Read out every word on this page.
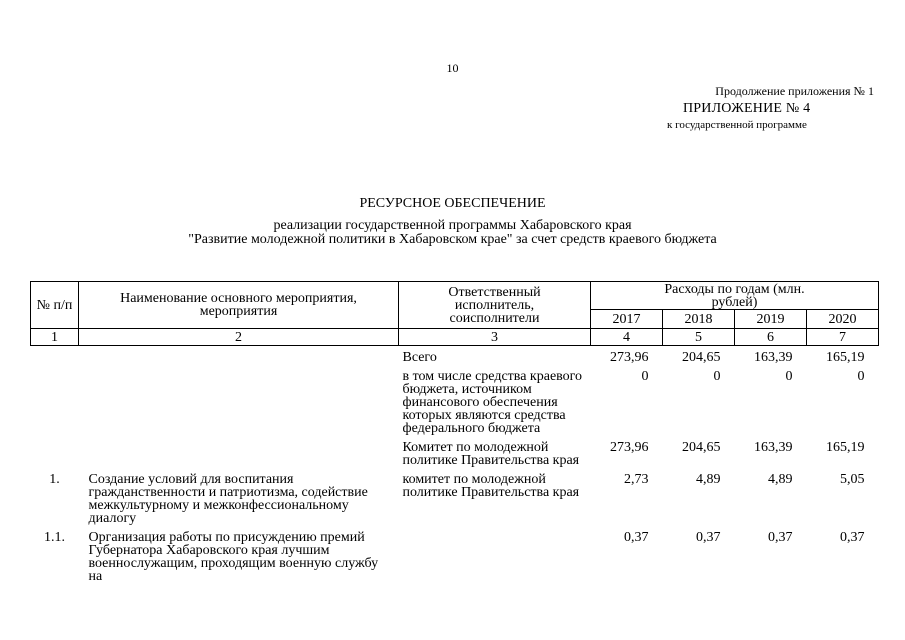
10
Продолжение приложения № 1
ПРИЛОЖЕНИЕ № 4
к государственной программе
РЕСУРСНОЕ ОБЕСПЕЧЕНИЕ
реализации государственной программы Хабаровского края
"Развитие молодежной политики в Хабаровском крае" за счет средств краевого бюджета
№ п/п	Наименование основного мероприятия, мероприятия	Ответственный исполнитель, соисполнители	Расходы по годам (млн. рублей)			
			2017	2018	2019	2020
1	2	3	4	5	6	7

		Всего	273,96	204,65	163,39	165,19

		в том числе средства краевого бюджета, источником финансового обеспечения которых являются средства федерального бюджета	0	0	0	0

		Комитет по молодежной политике Правительства края	273,96	204,65	163,39	165,19

1.	Создание условий для воспитания гражданственности и патриотизма, содействие межкультурному и межконфессиональному диалогу	комитет по молодежной политике Правительства края	2,73	4,89	4,89	5,05

1.1.	Организация работы по присуждению премий Губернатора Хабаровского края лучшим военнослужащим, проходящим военную службу на		0,37	0,37	0,37	0,37
